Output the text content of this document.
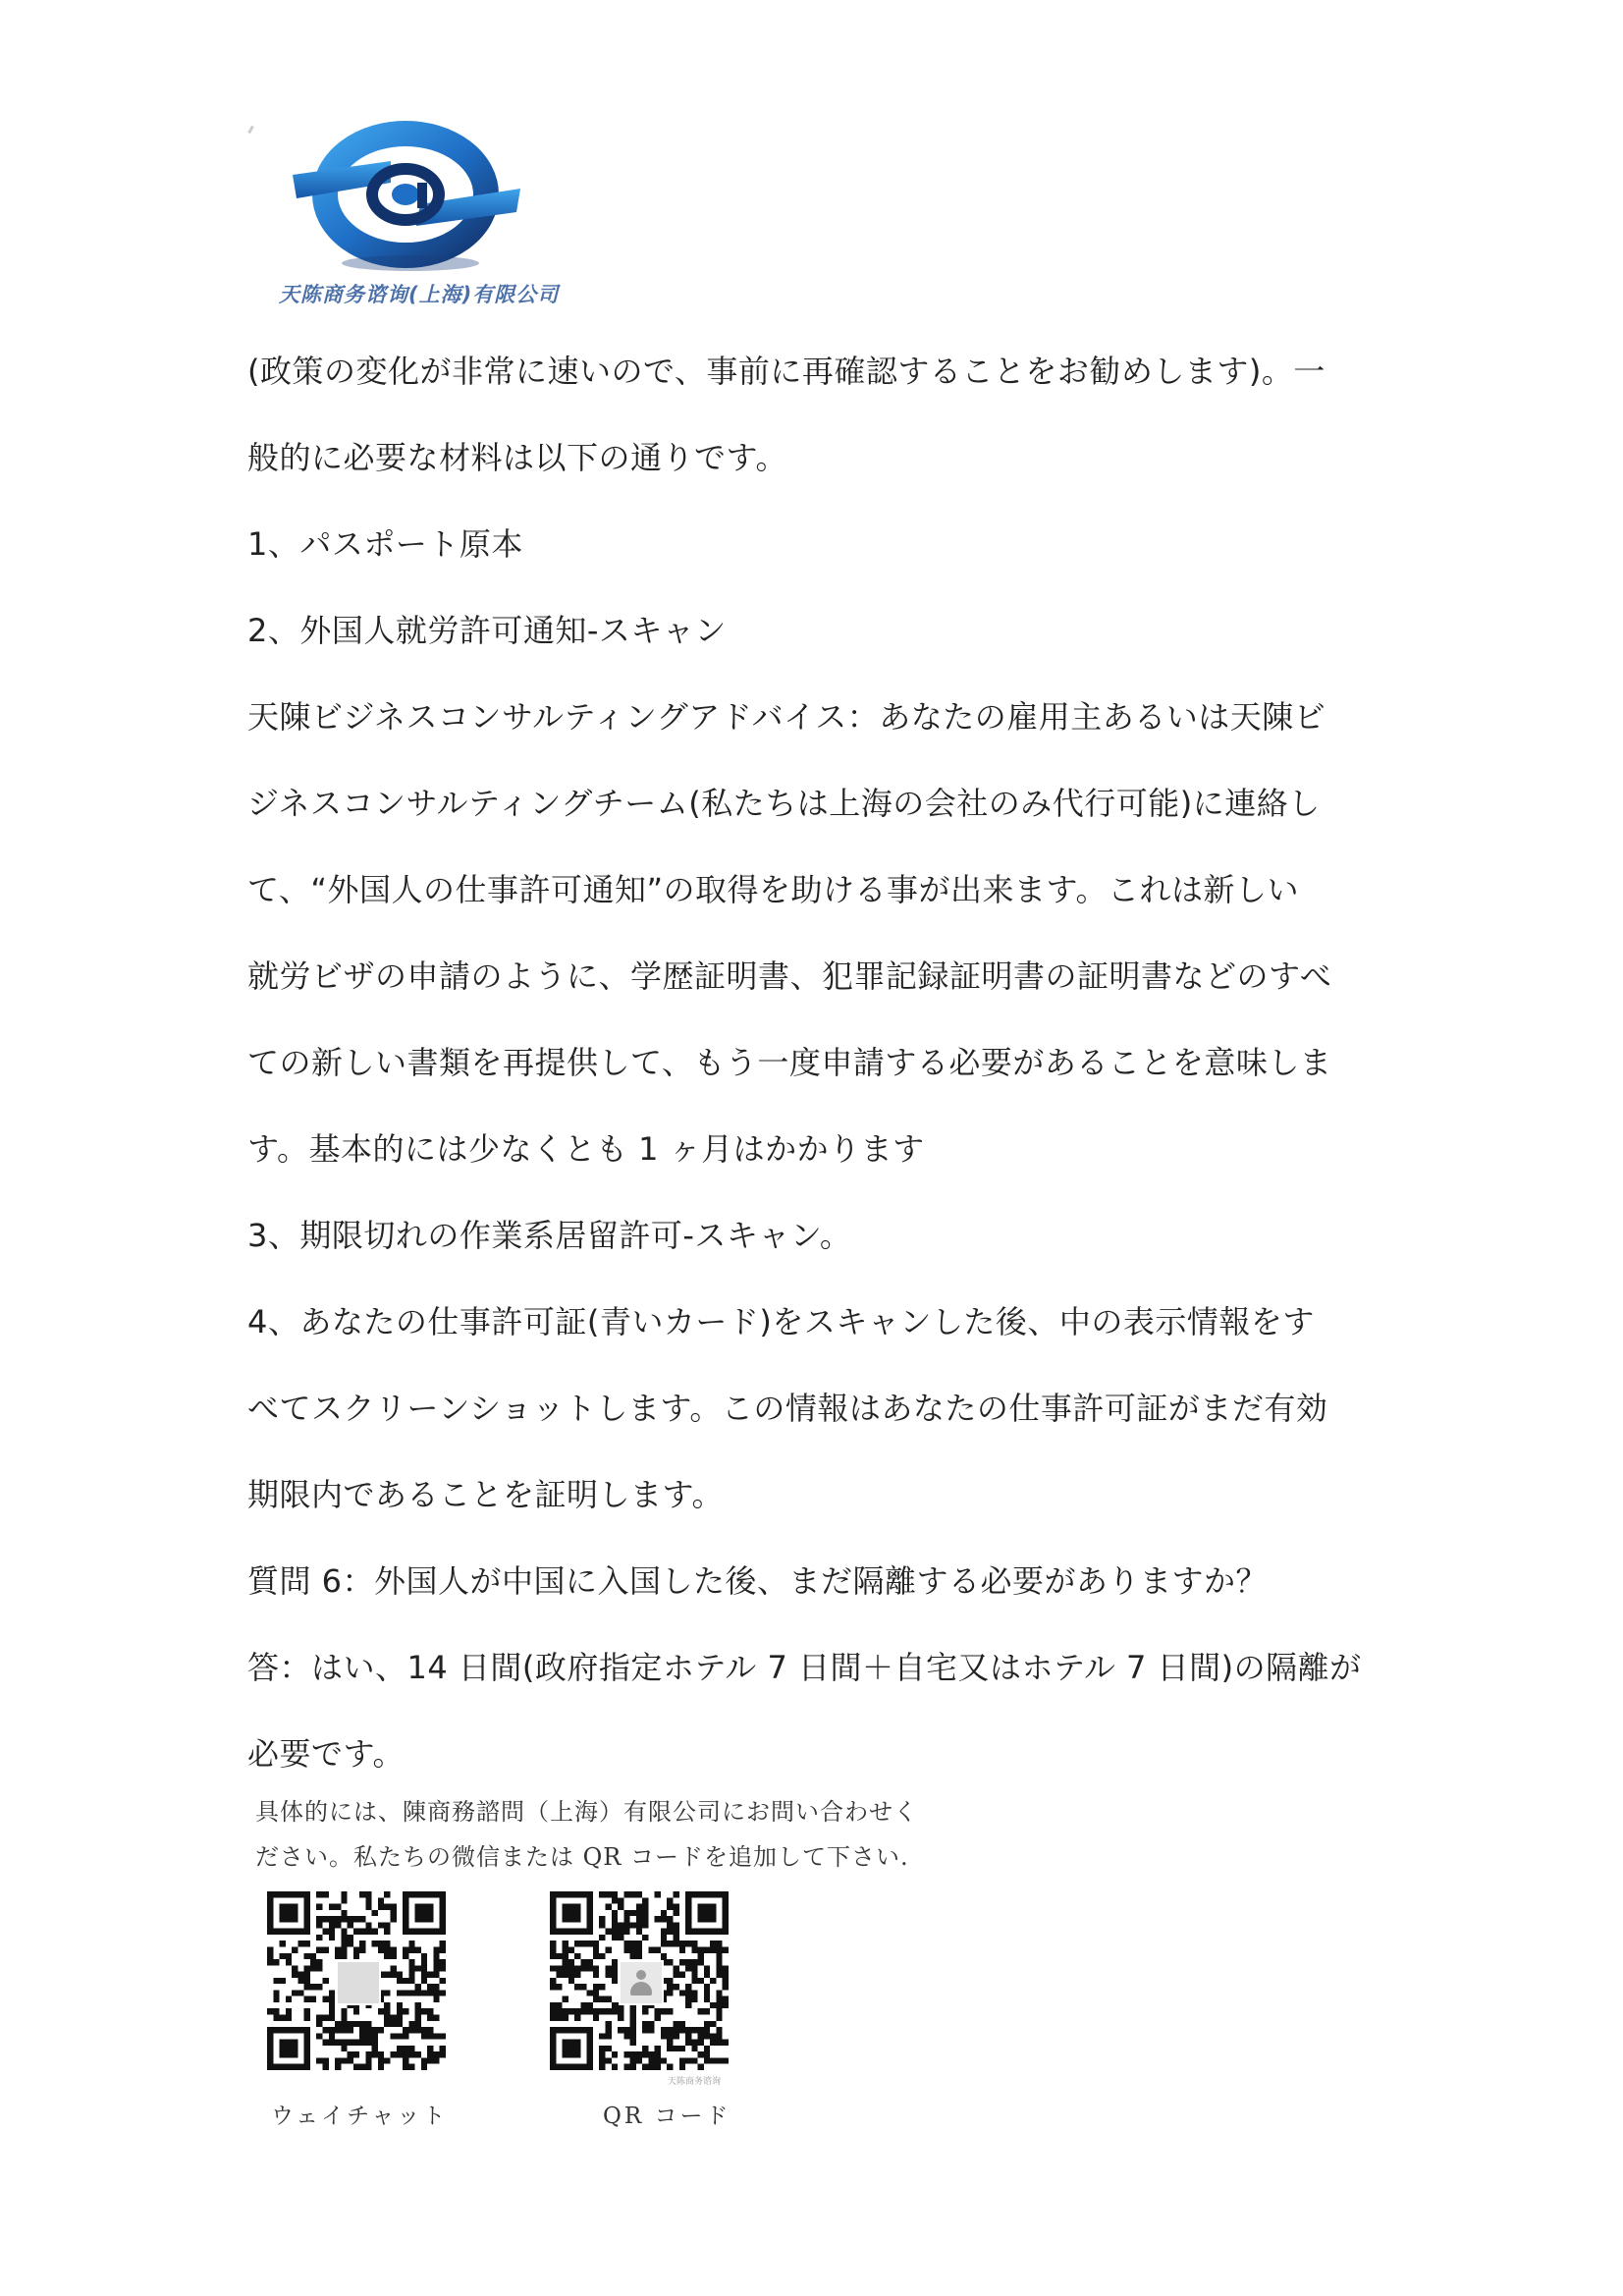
天陈商务谘询(上海)有限公司
(政策の変化が非常に速いので、事前に再確認することをお勧めします)。一
般的に必要な材料は以下の通りです。
1、パスポート原本
2、外国人就労許可通知-スキャン
天陳ビジネスコンサルティングアドバイス：あなたの雇用主あるいは天陳ビ
ジネスコンサルティングチーム(私たちは上海の会社のみ代行可能)に連絡し
て、“外国人の仕事許可通知”の取得を助ける事が出来ます。これは新しい
就労ビザの申請のように、学歴証明書、犯罪記録証明書の証明書などのすべ
ての新しい書類を再提供して、もう一度申請する必要があることを意味しま
す。基本的には少なくとも 1 ヶ月はかかります
3、期限切れの作業系居留許可-スキャン。
4、あなたの仕事許可証(青いカード)をスキャンした後、中の表示情報をす
べてスクリーンショットします。この情報はあなたの仕事許可証がまだ有効
期限内であることを証明します。
質問 6：外国人が中国に入国した後、まだ隔離する必要がありますか？
答：はい、14 日間(政府指定ホテル 7 日間＋自宅又はホテル 7 日間)の隔離が
必要です。
具体的には、陳商務諮問（上海）有限公司にお問い合わせく
ださい。私たちの微信または QR コードを追加して下さい.
ウェイチャット
天陈商务谘询
QR コード
